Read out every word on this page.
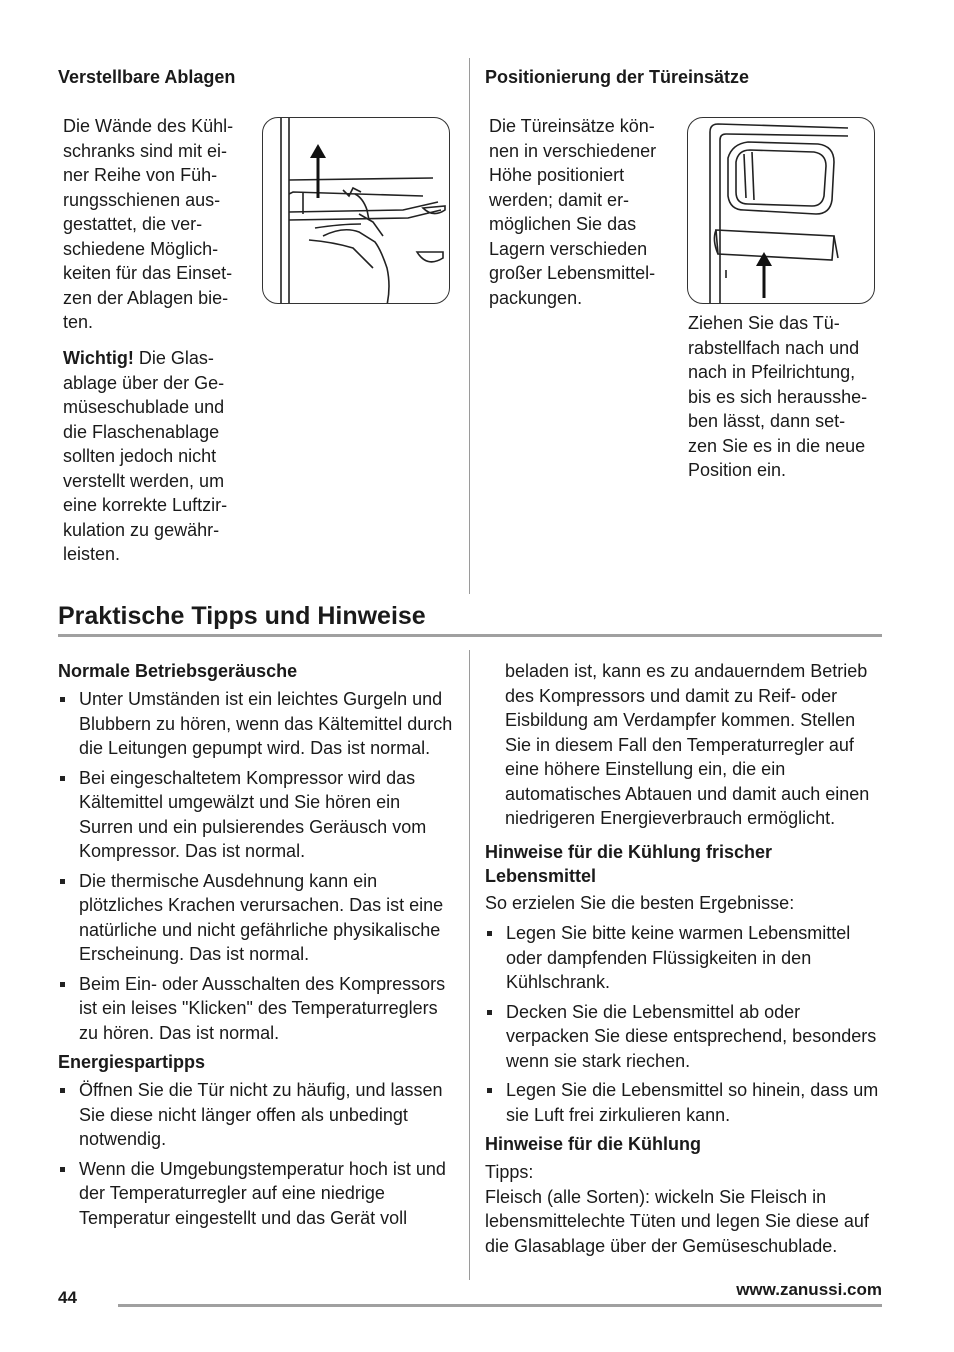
Verstellbare Ablagen
Die Wände des Kühl-
schranks sind mit ei-
ner Reihe von Füh-
rungsschienen aus-
gestattet, die ver-
schiedene Möglich-
keiten für das Einset-
zen der Ablagen bie-
ten.
Wichtig! Die Glas-
ablage über der Ge-
müseschublade und
die Flaschenablage
sollten jedoch nicht
verstellt werden, um
eine korrekte Luftzir-
kulation zu gewähr-
leisten.
Positionierung der Türeinsätze
Die Türeinsätze kön-
nen in verschiedener
Höhe positioniert
werden; damit er-
möglichen Sie das
Lagern verschieden
großer Lebensmittel-
packungen.
Ziehen Sie das Tü-
rabstellfach nach und
nach in Pfeilrichtung,
bis es sich herausshe-
ben lässt, dann set-
zen Sie es in die neue
Position ein.
Praktische Tipps und Hinweise
Normale Betriebsgeräusche
Unter Umständen ist ein leichtes Gurgeln und Blubbern zu hören, wenn das Kältemittel durch die Leitungen gepumpt wird. Das ist normal.
Bei eingeschaltetem Kompressor wird das Kältemittel umgewälzt und Sie hören ein Surren und ein pulsierendes Geräusch vom Kompressor. Das ist normal.
Die thermische Ausdehnung kann ein plötzliches Krachen verursachen. Das ist eine natürliche und nicht gefährliche physikalische Erscheinung. Das ist normal.
Beim Ein- oder Ausschalten des Kompressors ist ein leises "Klicken" des Temperaturreglers zu hören. Das ist normal.
Energiespartipps
Öffnen Sie die Tür nicht zu häufig, und lassen Sie diese nicht länger offen als unbedingt notwendig.
Wenn die Umgebungstemperatur hoch ist und der Temperaturregler auf eine niedrige Temperatur eingestellt und das Gerät voll
beladen ist, kann es zu andauerndem Betrieb des Kompressors und damit zu Reif- oder Eisbildung am Verdampfer kommen. Stellen Sie in diesem Fall den Temperaturregler auf eine höhere Einstellung ein, die ein automatisches Abtauen und damit auch einen niedrigeren Energieverbrauch ermöglicht.
Hinweise für die Kühlung frischer Lebensmittel
So erzielen Sie die besten Ergebnisse:
Legen Sie bitte keine warmen Lebensmittel oder dampfenden Flüssigkeiten in den Kühlschrank.
Decken Sie die Lebensmittel ab oder verpacken Sie diese entsprechend, besonders wenn sie stark riechen.
Legen Sie die Lebensmittel so hinein, dass um sie Luft frei zirkulieren kann.
Hinweise für die Kühlung
Tipps:
Fleisch (alle Sorten): wickeln Sie Fleisch in lebensmittelechte Tüten und legen Sie diese auf die Glasablage über der Gemüseschublade.
44	www.zanussi.com
